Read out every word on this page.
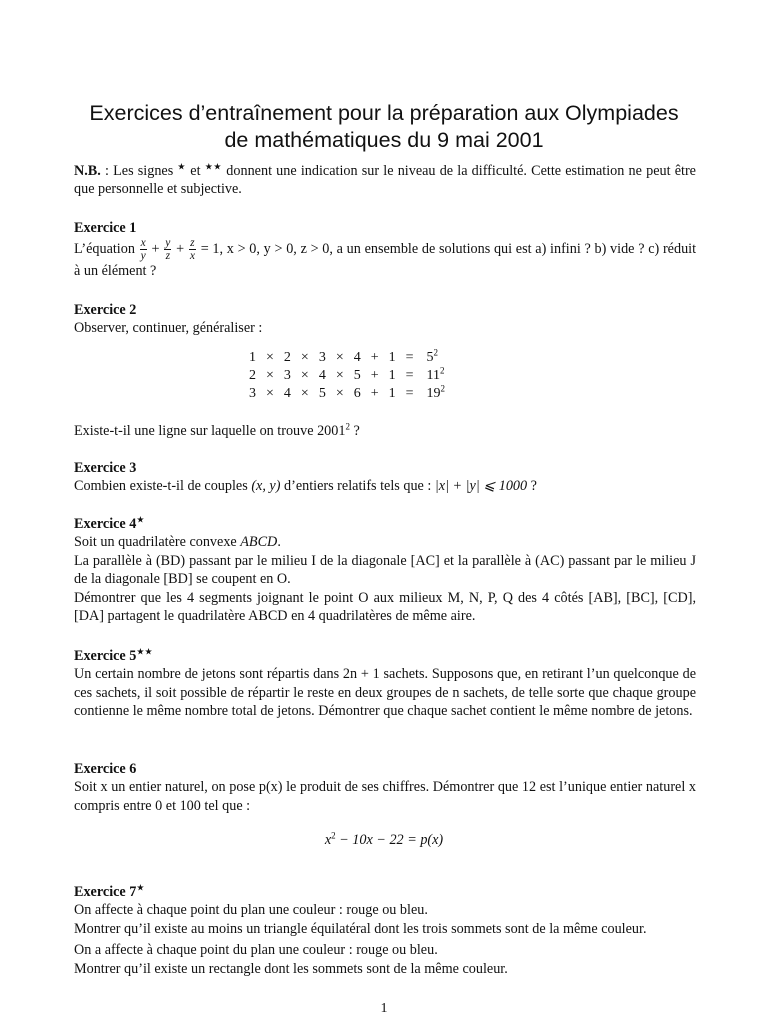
Exercices d’entraînement pour la préparation aux Olympiades
de mathématiques du 9 mai 2001
N.B. : Les signes ★ et ★★ donnent une indication sur le niveau de la difficulté. Cette estimation ne peut être que personnelle et subjective.
Exercice 1

L’équation $\frac{x}{y} + \frac{y}{z} + \frac{z}{x} = 1$, x > 0, y > 0, z > 0, a un ensemble de solutions qui est a) infini ? b) vide ? c) réduit à un élément ?

Exercice 2

Observer, continuer, généraliser :

1	×	2	×	3	×	4	+	1	=	$5^2$
2	×	3	×	4	×	5	+	1	=	$11^2$
3	×	4	×	5	×	6	+	1	=	$19^2$
Existe-t-il une ligne sur laquelle on trouve 2001$^2$ ?
Exercice 3

Combien existe-t-il de couples (x, y) d’entiers relatifs tels que : |x| + |y| ⩽ 1000 ?

Exercice 4★

Soit un quadrilatère convexe ABCD.

La parallèle à (BD) passant par le milieu I de la diagonale [AC] et la parallèle à (AC) passant par le milieu J de la diagonale [BD] se coupent en O.

Démontrer que les 4 segments joignant le point O aux milieux M, N, P, Q des 4 côtés [AB], [BC], [CD], [DA] partagent le quadrilatère ABCD en 4 quadrilatères de même aire.

Exercice 5★★

Un certain nombre de jetons sont répartis dans 2n + 1 sachets. Supposons que, en retirant l’un quelconque de ces sachets, il soit possible de répartir le reste en deux groupes de n sachets, de telle sorte que chaque groupe contienne le même nombre total de jetons. Démontrer que chaque sachet contient le même nombre de jetons.

Exercice 6

Soit x un entier naturel, on pose p(x) le produit de ses chiffres. Démontrer que 12 est l’unique entier naturel x compris entre 0 et 100 tel que :

$x^2 - 10x - 22 = p(x)$
Exercice 7★

On affecte à chaque point du plan une couleur : rouge ou bleu.

Montrer qu’il existe au moins un triangle équilatéral dont les trois sommets sont de la même couleur.

On a affecte à chaque point du plan une couleur : rouge ou bleu.

Montrer qu’il existe un rectangle dont les sommets sont de la même couleur.

1
